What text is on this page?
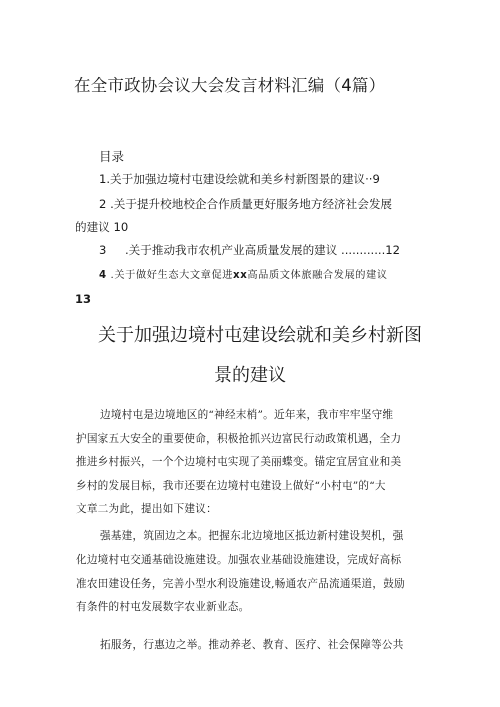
在全市政协会议大会发言材料汇编（4篇）
目录
1.关于加强边境村屯建设绘就和美乡村新图景的建议··9
2 .关于提升校地校企合作质量更好服务地方经济社会发展
的建议 10
3 .关于推动我市农机产业高质量发展的建议 ............12
4 .关于做好生态大文章促进xx高品质文体旅融合发展的建议
13
关于加强边境村屯建设绘就和美乡村新图
景的建议
边境村屯是边境地区的“神经末梢”。近年来，我市牢牢坚守维
护国家五大安全的重要使命，积极抢抓兴边富民行动政策机遇，全力
推进乡村振兴，一个个边境村屯实现了美丽蝶变。锚定宜居宜业和美
乡村的发展目标，我市还要在边境村屯建设上做好“小村屯”的“大
文章二为此，提出如下建议：
强基建，筑固边之本。把握东北边境地区抵边新村建设契机，强
化边境村屯交通基础设施建设。加强农业基础设施建设，完成好高标
准农田建设任务，完善小型水利设施建设,畅通农产品流通渠道，鼓励
有条件的村屯发展数字农业新业态。
拓服务，行惠边之举。推动养老、教育、医疗、社会保障等公共
